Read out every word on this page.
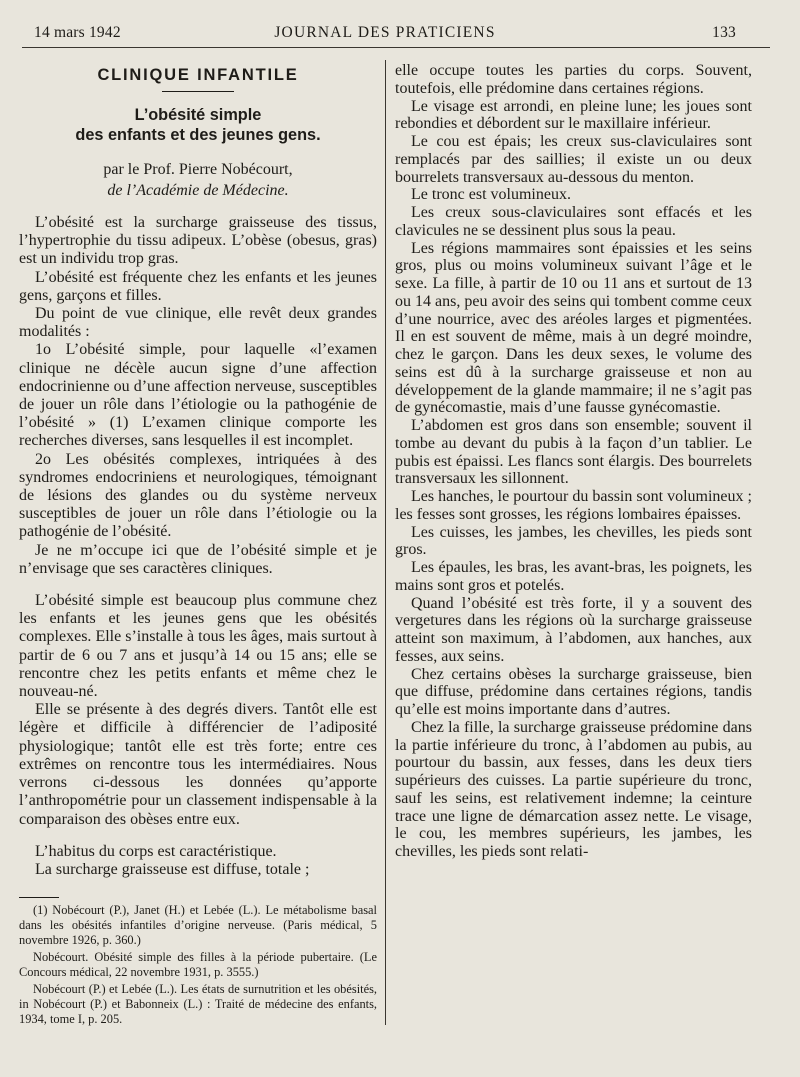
14 mars 1942	JOURNAL DES PRATICIENS	133
CLINIQUE INFANTILE
L’obésité simple
des enfants et des jeunes gens.
par le Prof. Pierre Nobécourt,
de l’Académie de Médecine.

L’obésité est la surcharge graisseuse des tissus, l’hypertrophie du tissu adipeux. L’obèse (obesus, gras) est un individu trop gras.

L’obésité est fréquente chez les enfants et les jeunes gens, garçons et filles.

Du point de vue clinique, elle revêt deux grandes modalités :

1o L’obésité simple, pour laquelle «l’examen clinique ne décèle aucun signe d’une affection endocrinienne ou d’une affection nerveuse, susceptibles de jouer un rôle dans l’étiologie ou la pathogénie de l’obésité » (1) L’examen clinique comporte les recherches diverses, sans lesquelles il est incomplet.

2o Les obésités complexes, intriquées à des syndromes endocriniens et neurologiques, témoignant de lésions des glandes ou du système nerveux susceptibles de jouer un rôle dans l’étiologie ou la pathogénie de l’obésité.

Je ne m’occupe ici que de l’obésité simple et je n’envisage que ses caractères cliniques.

L’obésité simple est beaucoup plus commune chez les enfants et les jeunes gens que les obésités complexes. Elle s’installe à tous les âges, mais surtout à partir de 6 ou 7 ans et jusqu’à 14 ou 15 ans; elle se rencontre chez les petits enfants et même chez le nouveau-né.

Elle se présente à des degrés divers. Tantôt elle est légère et difficile à différencier de l’adiposité physiologique; tantôt elle est très forte; entre ces extrêmes on rencontre tous les intermédiaires. Nous verrons ci-dessous les données qu’apporte l’anthropométrie pour un classement indispensable à la comparaison des obèses entre eux.

L’habitus du corps est caractéristique.

La surcharge graisseuse est diffuse, totale ;

(1) Nobécourt (P.), Janet (H.) et Lebée (L.). Le métabolisme basal dans les obésités infantiles d’origine nerveuse. (Paris médical, 5 novembre 1926, p. 360.)
Nobécourt. Obésité simple des filles à la période pubertaire. (Le Concours médical, 22 novembre 1931, p. 3555.)
Nobécourt (P.) et Lebée (L.). Les états de surnutrition et les obésités, in Nobécourt (P.) et Babonneix (L.) : Traité de médecine des enfants, 1934, tome I, p. 205.

elle occupe toutes les parties du corps. Souvent, toutefois, elle prédomine dans certaines régions.

Le visage est arrondi, en pleine lune; les joues sont rebondies et débordent sur le maxillaire inférieur.

Le cou est épais; les creux sus-claviculaires sont remplacés par des saillies; il existe un ou deux bourrelets transversaux au-dessous du menton.

Le tronc est volumineux.

Les creux sous-claviculaires sont effacés et les clavicules ne se dessinent plus sous la peau.

Les régions mammaires sont épaissies et les seins gros, plus ou moins volumineux suivant l’âge et le sexe. La fille, à partir de 10 ou 11 ans et surtout de 13 ou 14 ans, peu avoir des seins qui tombent comme ceux d’une nourrice, avec des aréoles larges et pigmentées. Il en est souvent de même, mais à un degré moindre, chez le garçon. Dans les deux sexes, le volume des seins est dû à la surcharge graisseuse et non au développement de la glande mammaire; il ne s’agit pas de gynécomastie, mais d’une fausse gynécomastie.

L’abdomen est gros dans son ensemble; souvent il tombe au devant du pubis à la façon d’un tablier. Le pubis est épaissi. Les flancs sont élargis. Des bourrelets transversaux les sillonnent.

Les hanches, le pourtour du bassin sont volumineux ; les fesses sont grosses, les régions lombaires épaisses.

Les cuisses, les jambes, les chevilles, les pieds sont gros.

Les épaules, les bras, les avant-bras, les poignets, les mains sont gros et potelés.

Quand l’obésité est très forte, il y a souvent des vergetures dans les régions où la surcharge graisseuse atteint son maximum, à l’abdomen, aux hanches, aux fesses, aux seins.

Chez certains obèses la surcharge graisseuse, bien que diffuse, prédomine dans certaines régions, tandis qu’elle est moins importante dans d’autres.

Chez la fille, la surcharge graisseuse prédomine dans la partie inférieure du tronc, à l’abdomen au pubis, au pourtour du bassin, aux fesses, dans les deux tiers supérieurs des cuisses. La partie supérieure du tronc, sauf les seins, est relativement indemne; la ceinture trace une ligne de démarcation assez nette. Le visage, le cou, les membres supérieurs, les jambes, les chevilles, les pieds sont relati-
